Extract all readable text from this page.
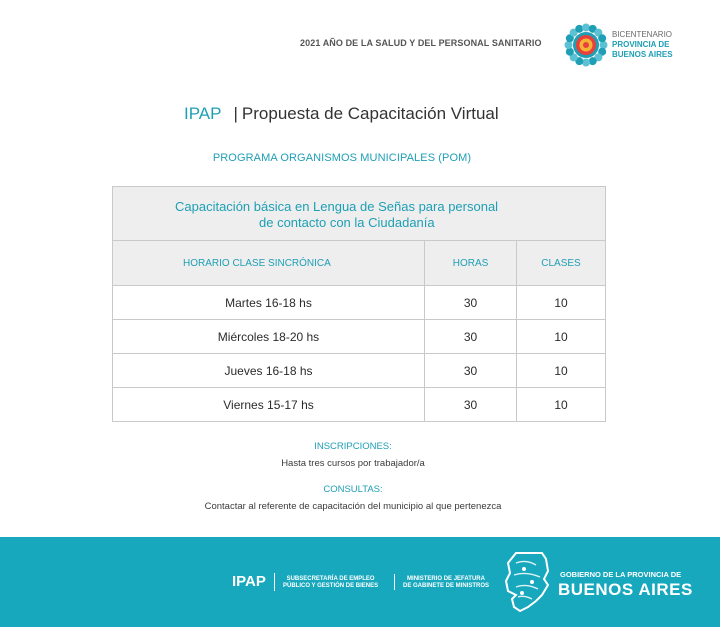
2021 AÑO DE LA SALUD Y DEL PERSONAL SANITARIO
BICENTENARIO
PROVINCIA DE
BUENOS AIRES
IPAP | Propuesta de Capacitación Virtual
PROGRAMA ORGANISMOS MUNICIPALES (POM)
Capacitación básica en Lengua de Señas para personal
de contacto con la Ciudadanía		

HORARIO CLASE SINCRÓNICA	HORAS	CLASES
Martes 16-18 hs	30	10
Miércoles 18-20 hs	30	10
Jueves 16-18 hs	30	10
Viernes 15-17 hs	30	10
INSCRIPCIONES:
Hasta tres cursos por trabajador/a
CONSULTAS:
Contactar al referente de capacitación del municipio al que pertenezca
IPAP	SUBSECRETARÍA DE EMPLEO
PÚBLICO Y GESTIÓN DE BIENES
MINISTERIO DE JEFATURA
DE GABINETE DE MINISTROS
GOBIERNO DE LA PROVINCIA DE
BUENOS AIRES
